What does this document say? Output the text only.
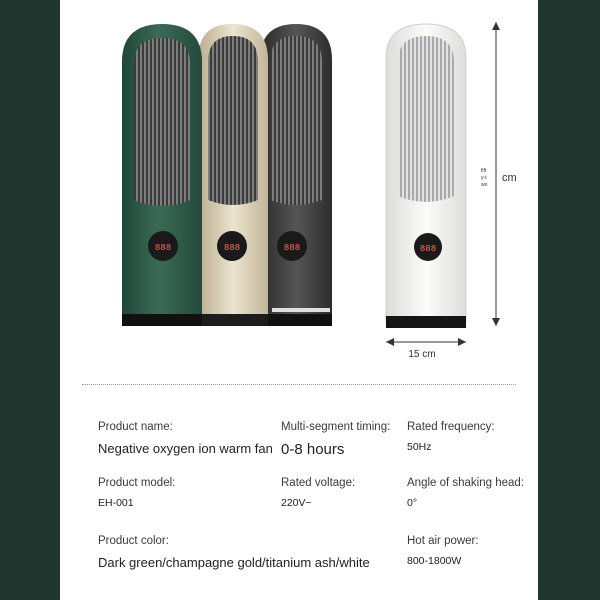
888
888
888	888
fift
y-t
wo
cm
15 cm
Product name:
Negative oxygen ion warm fan
Multi-segment timing:
0-8 hours
Rated frequency:
50Hz
Product model:
EH-001
Rated voltage:
220V~
Angle of shaking head:
0°
Product color:
Dark green/champagne gold/titanium ash/white
Hot air power:
800-1800W
